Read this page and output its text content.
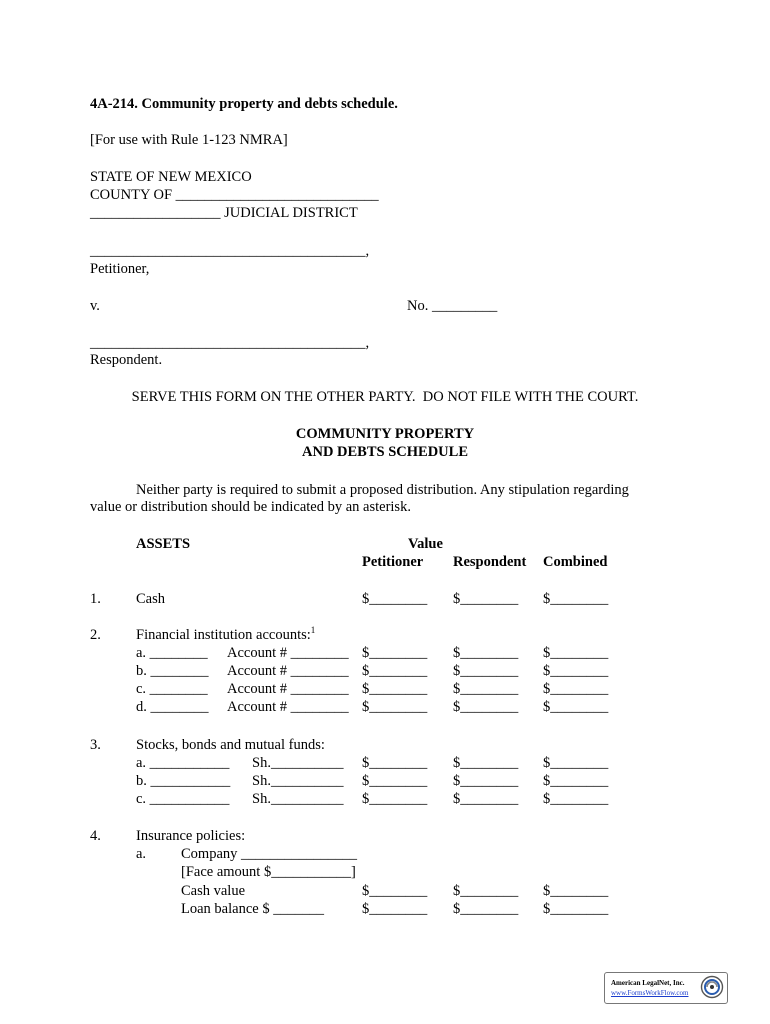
4A-214. Community property and debts schedule.
[For use with Rule 1-123 NMRA]
STATE OF NEW MEXICO
COUNTY OF ____________________________
__________________ JUDICIAL DISTRICT
______________________________________,
Petitioner,
v.	No. _________
______________________________________,
Respondent.
SERVE THIS FORM ON THE OTHER PARTY.  DO NOT FILE WITH THE COURT.
COMMUNITY PROPERTY
AND DEBTS SCHEDULE
Neither party is required to submit a proposed distribution. Any stipulation regarding
value or distribution should be indicated by an asterisk.
ASSETS	Value
Petitioner Respondent Combined
1. Cash	$________ $________ $________
2. Financial institution accounts:$^1$
a. ________ Account # ________ $________ $________ $________
b. ________ Account # ________ $________ $________ $________
c. ________ Account # ________ $________ $________ $________
d. ________ Account # ________ $________ $________ $________
3. Stocks, bonds and mutual funds:
a. ___________ Sh.__________ $________ $________ $________
b. ___________ Sh.__________ $________ $________ $________
c. ___________ Sh.__________ $________ $________ $________
4. Insurance policies:
a. Company ________________
[Face amount $___________]
Cash value	$________ $________ $________
Loan balance $ _______	$________ $________ $________
American LegalNet, Inc.
www.FormsWorkFlow.com
